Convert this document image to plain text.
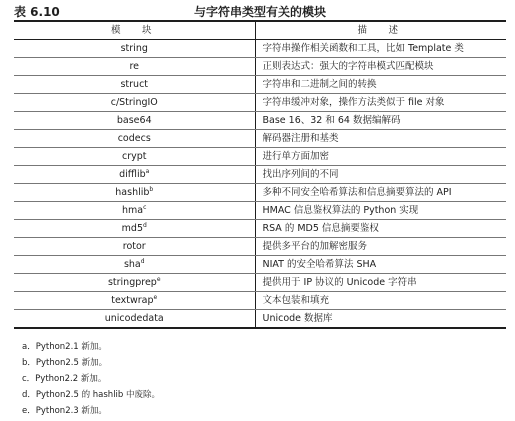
表 6.10	与字符串类型有关的模块
模　块	描　述
string	字符串操作相关函数和工具，比如 Template 类
re	正则表达式：强大的字符串模式匹配模块
struct	字符串和二进制之间的转换
c/StringIO	字符串缓冲对象，操作方法类似于 file 对象
base64	Base 16、32 和 64 数据编解码
codecs	解码器注册和基类
crypt	进行单方面加密
difflib$^a$	找出序列间的不同
hashlib$^b$	多种不同安全哈希算法和信息摘要算法的 API
hma$^c$	HMAC 信息鉴权算法的 Python 实现
md5$^d$	RSA 的 MD5 信息摘要鉴权
rotor	提供多平台的加解密服务
sha$^d$	NIAT 的安全哈希算法 SHA
stringprep$^e$	提供用于 IP 协议的 Unicode 字符串
textwrap$^e$	文本包装和填充
unicodedata	Unicode 数据库
a．Python2.1 新加。
b．Python2.5 新加。
c．Python2.2 新加。
d．Python2.5 的 hashlib 中废除。
e．Python2.3 新加。
